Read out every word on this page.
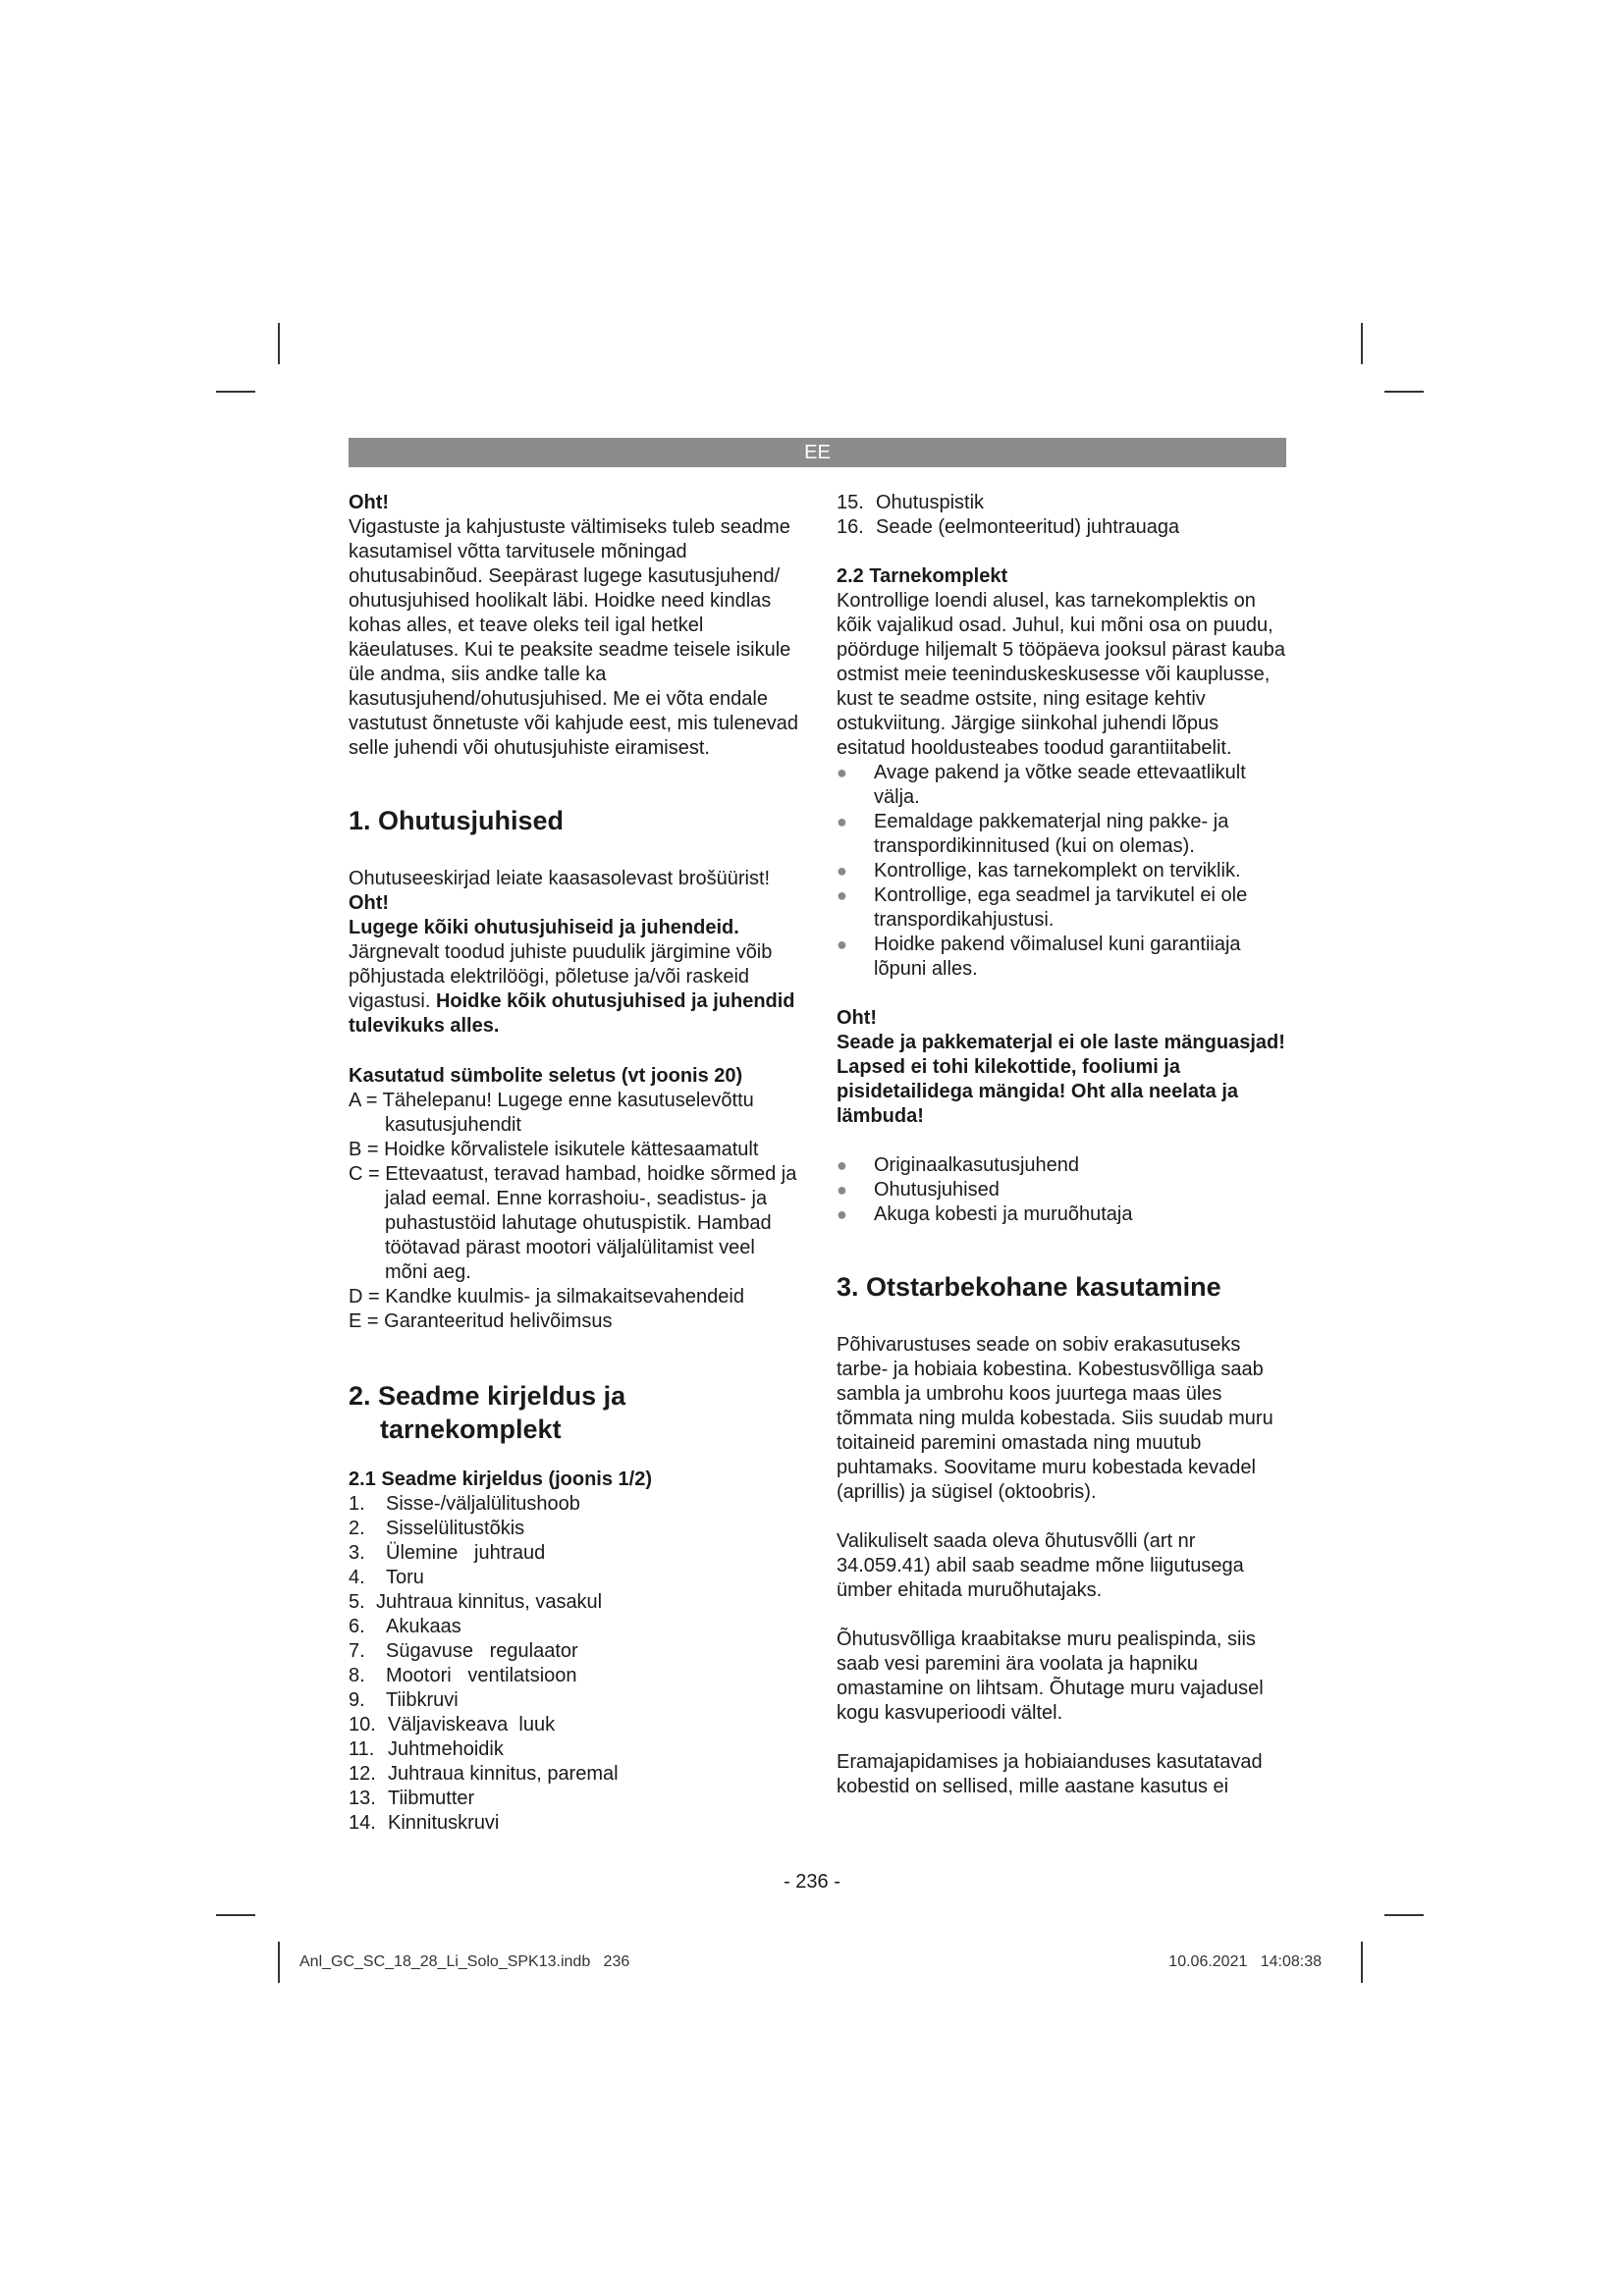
EE

Oht!

Vigastuste ja kahjustuste vältimiseks tuleb seadme kasutamisel võtta tarvitusele mõningad ohutusabinõud. Seepärast lugege kasutusjuhend/ ohutusjuhised hoolikalt läbi. Hoidke need kindlas kohas alles, et teave oleks teil igal hetkel käeulatuses. Kui te peaksite seadme teisele isikule üle andma, siis andke talle ka kasutusjuhend/ohutusjuhised. Me ei võta endale vastutust õnnetuste või kahjude eest, mis tulenevad selle juhendi või ohutusjuhiste eiramisest.

1. Ohutusjuhised

Ohutuseeskirjad leiate kaasasolevast brošüürist!

Oht!

Lugege kõiki ohutusjuhiseid ja juhendeid.

Järgnevalt toodud juhiste puudulik järgimine võib põhjustada elektrilöögi, põletuse ja/või raskeid vigastusi. Hoidke kõik ohutusjuhised ja juhendid tulevikuks alles.

Kasutatud sümbolite seletus (vt joonis 20)

A = Tähelepanu! Lugege enne kasutuselevõttu kasutusjuhendit

B = Hoidke kõrvalistele isikutele kättesaamatult

C = Ettevaatust, teravad hambad, hoidke sõrmed ja jalad eemal. Enne korrashoiu-, seadistus- ja puhastustöid lahutage ohutuspistik. Hambad töötavad pärast mootori väljalülitamist veel mõni aeg.

D = Kandke kuulmis- ja silmakaitsevahendeid

E = Garanteeritud helivõimsus

2. Seadme kirjeldus ja

tarnekomplekt

2.1 Seadme kirjeldus (joonis 1/2)

1.	Sisse-/väljalülitushoob
2.	Sisselülitustõkis
3.	Ülemine   juhtraud
4.	Toru
5. Juhtraua kinnitus, vasakul
6.	Akukaas
7.	Sügavuse   regulaator
8.	Mootori   ventilatsioon
9.	Tiibkruvi
10. Väljaviskeava  luuk
11. Juhtmehoidik
12. Juhtraua kinnitus, paremal
13. Tiibmutter
14. Kinnituskruvi
15. Ohutuspistik
16. Seade (eelmonteeritud) juhtrauaga

2.2 Tarnekomplekt

Kontrollige loendi alusel, kas tarnekomplektis on kõik vajalikud osad. Juhul, kui mõni osa on puudu, pöörduge hiljemalt 5 tööpäeva jooksul pärast kauba ostmist meie teeninduskeskusesse või kauplusse, kust te seadme ostsite, ning esitage kehtiv ostukviitung. Järgige siinkohal juhendi lõpus esitatud hooldusteabes toodud garantiitabelit.

●	Avage pakend ja võtke seade ettevaatlikult välja.
●	Eemaldage pakkematerjal ning pakke- ja transpordikinnitused (kui on olemas).
●	Kontrollige, kas tarnekomplekt on terviklik.
●	Kontrollige, ega seadmel ja tarvikutel ei ole transpordikahjustusi.
●	Hoidke pakend võimalusel kuni garantiiaja lõpuni alles.

Oht!

Seade ja pakkematerjal ei ole laste mänguasjad! Lapsed ei tohi kilekottide, fooliumi ja pisidetailidega mängida! Oht alla neelata ja lämbuda!

●	Originaalkasutusjuhend
●	Ohutusjuhised
●	Akuga kobesti ja muruõhutaja

3. Otstarbekohane kasutamine

Põhivarustuses seade on sobiv erakasutuseks tarbe- ja hobiaia kobestina. Kobestusvõlliga saab sambla ja umbrohu koos juurtega maas üles tõmmata ning mulda kobestada. Siis suudab muru toitaineid paremini omastada ning muutub puhtamaks. Soovitame muru kobestada kevadel (aprillis) ja sügisel (oktoobris).

Valikuliselt saada oleva õhutusvõlli (art nr 34.059.41) abil saab seadme mõne liigutusega ümber ehitada muruõhutajaks.

Õhutusvõlliga kraabitakse muru pealispinda, siis saab vesi paremini ära voolata ja hapniku omastamine on lihtsam. Õhutage muru vajadusel kogu kasvuperioodi vältel.

Eramajapidamises ja hobiaianduses kasutatavad kobestid on sellised, mille aastane kasutus ei

- 236 -
Anl_GC_SC_18_28_Li_Solo_SPK13.indb   236	10.06.2021   14:08:38
